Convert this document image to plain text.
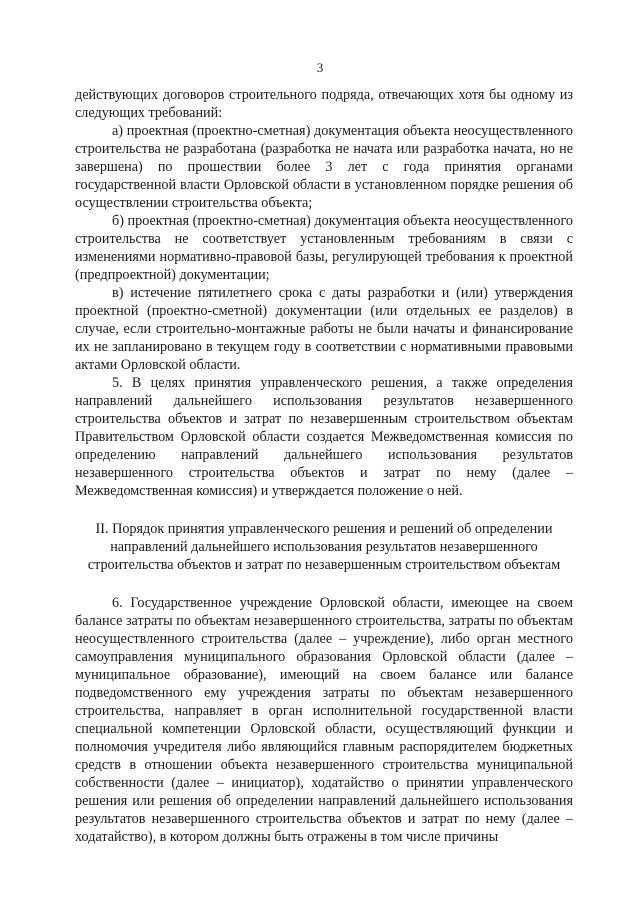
3

действующих договоров строительного подряда, отвечающих хотя бы одному из следующих требований:

а) проектная (проектно-сметная) документация объекта неосуществленного строительства не разработана (разработка не начата или разработка начата, но не завершена) по прошествии более 3 лет с года принятия органами государственной власти Орловской области в установленном порядке решения об осуществлении строительства объекта;

б) проектная (проектно-сметная) документация объекта неосуществленного строительства не соответствует установленным требованиям в связи с изменениями нормативно-правовой базы, регулирующей требования к проектной (предпроектной) документации;

в) истечение пятилетнего срока с даты разработки и (или) утверждения проектной (проектно-сметной) документации (или отдельных ее разделов) в случае, если строительно-монтажные работы не были начаты и финансирование их не запланировано в текущем году в соответствии с нормативными правовыми актами Орловской области.

5. В целях принятия управленческого решения, а также определения направлений дальнейшего использования результатов незавершенного строительства объектов и затрат по незавершенным строительством объектам Правительством Орловской области создается Межведомственная комиссия по определению направлений дальнейшего использования результатов незавершенного строительства объектов и затрат по нему (далее – Межведомственная комиссия) и утверждается положение о ней.

II. Порядок принятия управленческого решения и решений об определении направлений дальнейшего использования результатов незавершенного строительства объектов и затрат по незавершенным строительством объектам

6. Государственное учреждение Орловской области, имеющее на своем балансе затраты по объектам незавершенного строительства, затраты по объектам неосуществленного строительства (далее – учреждение), либо орган местного самоуправления муниципального образования Орловской области (далее – муниципальное образование), имеющий на своем балансе или балансе подведомственного ему учреждения затраты по объектам незавершенного строительства, направляет в орган исполнительной государственной власти специальной компетенции Орловской области, осуществляющий функции и полномочия учредителя либо являющийся главным распорядителем бюджетных средств в отношении объекта незавершенного строительства муниципальной собственности (далее – инициатор), ходатайство о принятии управленческого решения или решения об определении направлений дальнейшего использования результатов незавершенного строительства объектов и затрат по нему (далее – ходатайство), в котором должны быть отражены в том числе причины
